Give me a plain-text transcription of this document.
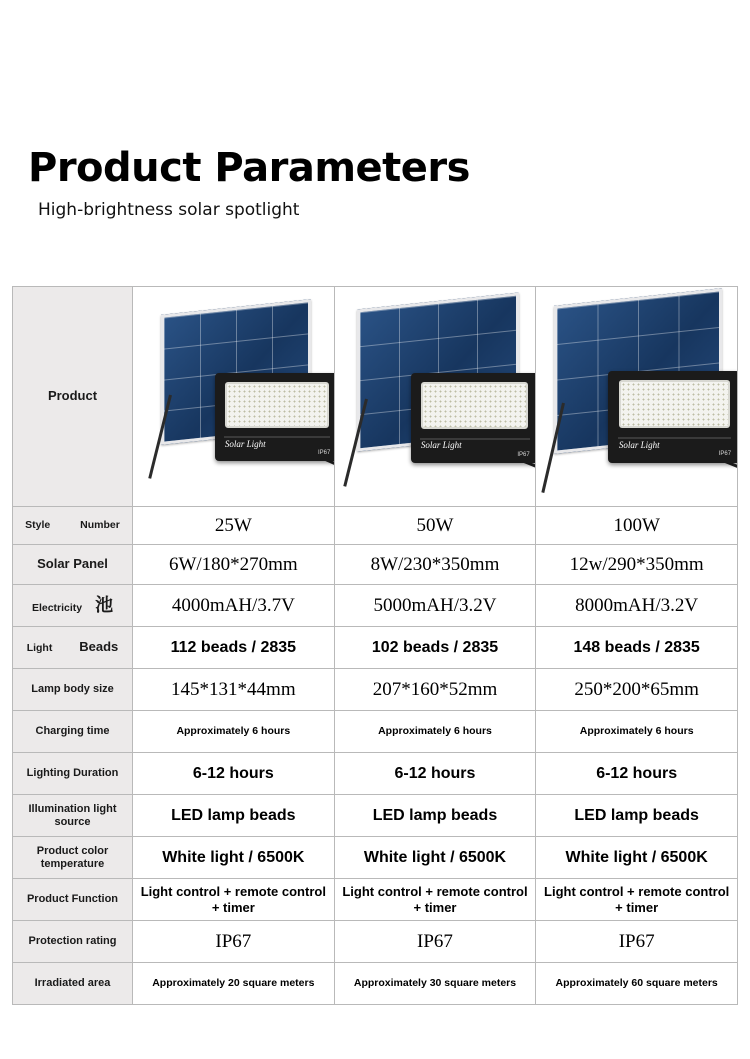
Product Parameters
High-brightness solar spotlight
Product	
Solar Light
IP67

Solar Light
IP67

Solar Light
IP67

Style Number	25W	50W	100W
Solar Panel	6W/180*270mm	8W/230*350mm	12w/290*350mm
Electricity 池	4000mAH/3.7V	5000mAH/3.2V	8000mAH/3.2V
Light Beads	112 beads / 2835	102 beads / 2835	148 beads / 2835
Lamp body size	145*131*44mm	207*160*52mm	250*200*65mm
Charging time	Approximately 6 hours	Approximately 6 hours	Approximately 6 hours
Lighting Duration	6-12 hours	6-12 hours	6-12 hours
Illumination light source	LED lamp beads	LED lamp beads	LED lamp beads
Product color temperature	White light / 6500K	White light / 6500K	White light / 6500K
Product Function	Light control + remote control + timer	Light control + remote control + timer	Light control + remote control + timer
Protection rating	IP67	IP67	IP67
Irradiated area	Approximately 20 square meters	Approximately 30 square meters	Approximately 60 square meters
